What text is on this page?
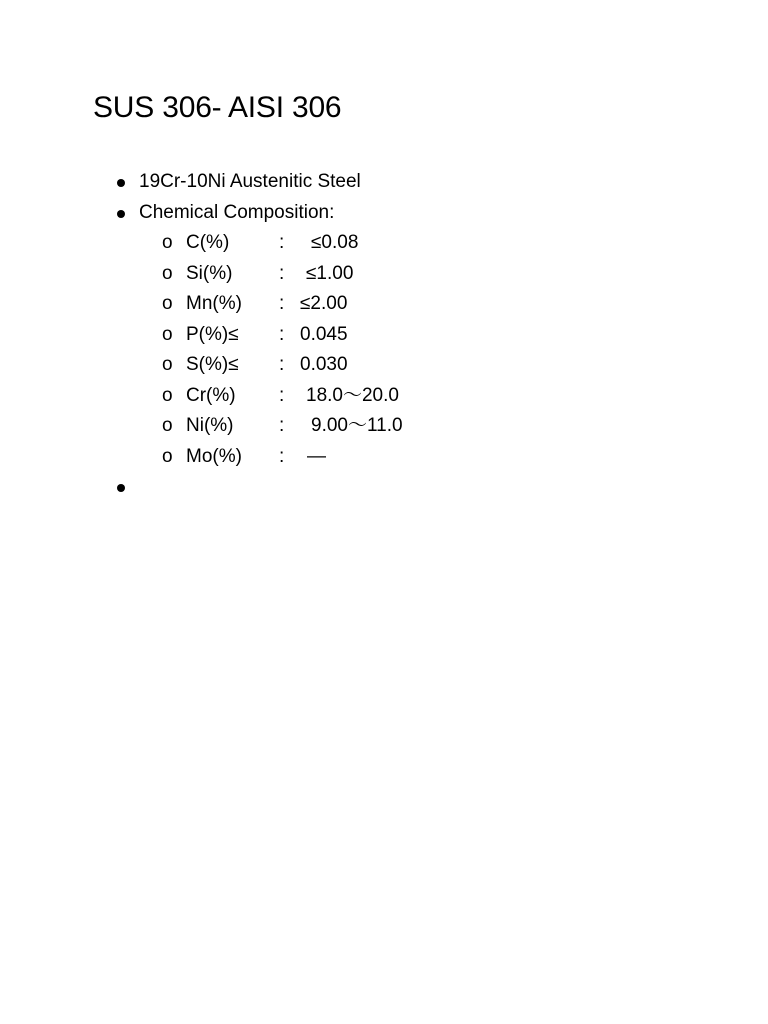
SUS 306- AISI 306
19Cr-10Ni Austenitic Steel
Chemical Composition:
o C(%)	: ≤0.08
o Si(%) : ≤1.00
o Mn(%) : ≤2.00
o P(%)≤ : 0.045
o S(%)≤ : 0.030
o Cr(%) : 18.0～20.0
o Ni(%) : 9.00～11.0
o Mo(%) : —
